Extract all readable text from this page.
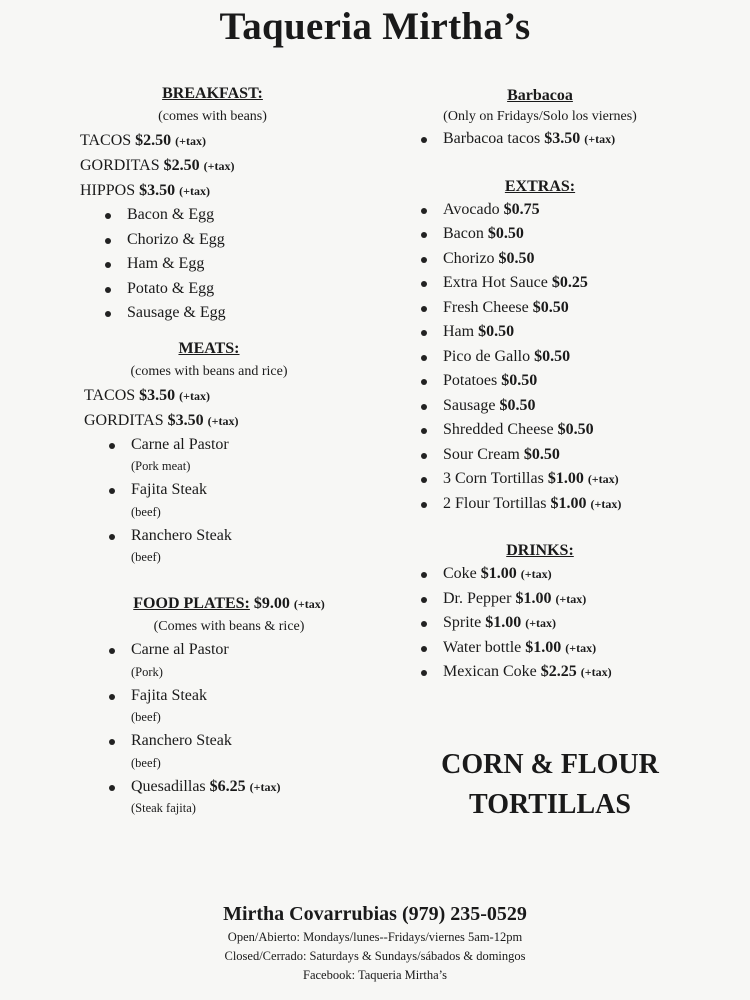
Taqueria Mirtha’s
BREAKFAST:
(comes with beans)
TACOS $2.50 (+tax)
GORDITAS $2.50 (+tax)
HIPPOS $3.50 (+tax)
Bacon & Egg
Chorizo & Egg
Ham & Egg
Potato & Egg
Sausage & Egg
MEATS:
(comes with beans and rice)
TACOS $3.50 (+tax)
GORDITAS $3.50 (+tax)
Carne al Pastor
(Pork meat)
Fajita Steak
(beef)
Ranchero Steak
(beef)
FOOD PLATES: $9.00 (+tax)
(Comes with beans & rice)
Carne al Pastor
(Pork)
Fajita Steak
(beef)
Ranchero Steak
(beef)
Quesadillas $6.25 (+tax)
(Steak fajita)
Barbacoa
(Only on Fridays/Solo los viernes)
Barbacoa tacos $3.50 (+tax)
EXTRAS:
Avocado $0.75
Bacon $0.50
Chorizo $0.50
Extra Hot Sauce $0.25
Fresh Cheese $0.50
Ham $0.50
Pico de Gallo $0.50
Potatoes $0.50
Sausage $0.50
Shredded Cheese $0.50
Sour Cream $0.50
3 Corn Tortillas $1.00 (+tax)
2 Flour Tortillas $1.00 (+tax)
DRINKS:
Coke $1.00 (+tax)
Dr. Pepper $1.00 (+tax)
Sprite $1.00 (+tax)
Water bottle $1.00 (+tax)
Mexican Coke $2.25 (+tax)
CORN & FLOUR
TORTILLAS
Mirtha Covarrubias (979) 235-0529
Open/Abierto: Mondays/lunes--Fridays/viernes 5am-12pm
Closed/Cerrado: Saturdays & Sundays/sábados & domingos
Facebook: Taqueria Mirtha’s
